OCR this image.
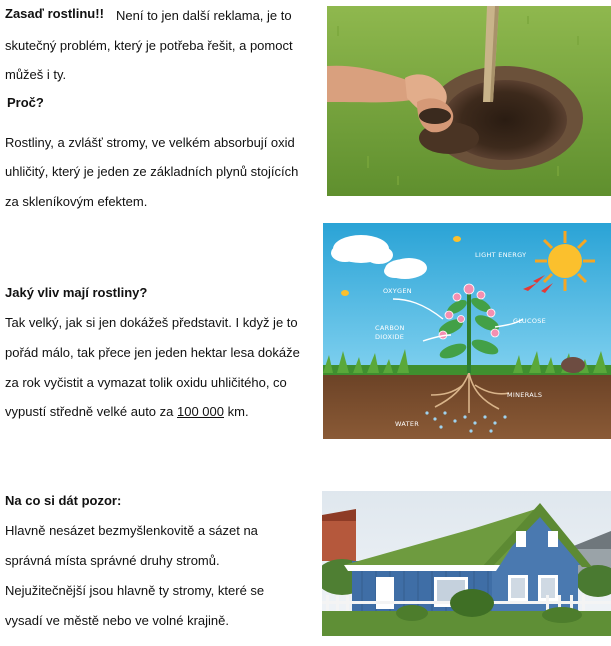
Zasaď rostlinu!! Není to jen další reklama, je to
skutečný problém, který je potřeba řešit, a pomoct
můžeš i ty.
Proč?
Rostliny, a zvlášť stromy, ve velkém absorbují oxid
uhličitý, který je jeden ze základních plynů stojících
za skleníkovým efektem.
Jaký vliv mají rostliny?
Tak velký, jak si jen dokážeš představit. I když je to
pořád málo, tak přece jen jeden hektar lesa dokáže
za rok vyčistit a vymazat tolik oxidu uhličitého, co
vypustí středně velké auto za 100 000 km.
Na co si dát pozor:
Hlavně nesázet bezmyšlenkovitě a sázet na
správná místa správné druhy stromů.
Nejužitečnější jsou hlavně ty stromy, které se
vysadí ve městě nebo ve volné krajině.
LIGHT ENERGY
OXYGEN
CARBON
DIOXIDE
GLUCOSE
MINERALS
WATER
